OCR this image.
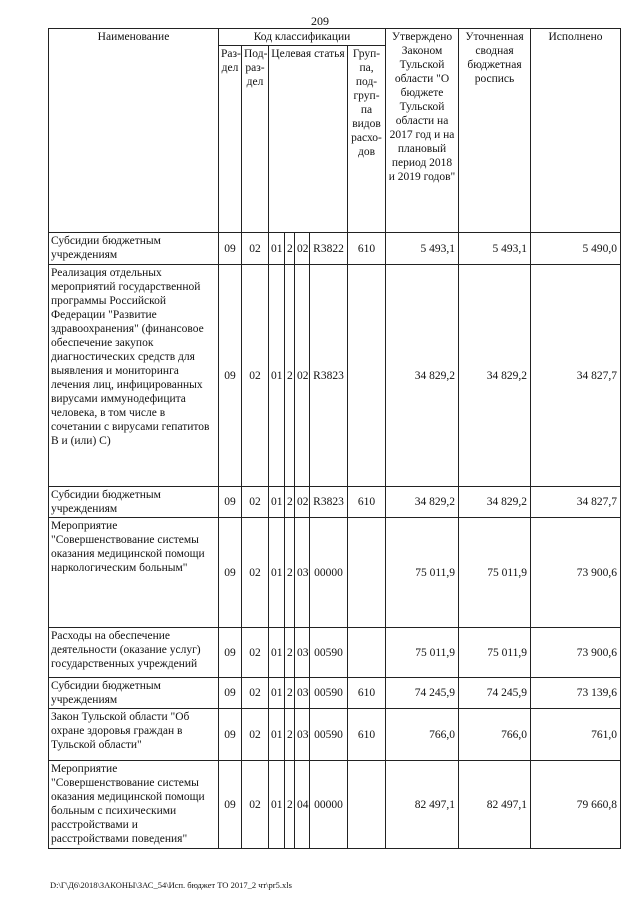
209
Наименование	Код классификации							Утверждено Законом Тульской области "О бюджете Тульской области на 2017 год и на плановый период 2018 и 2019 годов"	Уточненная сводная бюджетная роспись	Исполнено
	Раз-дел	Под-раз-дел	Целевая статья				Груп-па, под-груп-па видов расхо-дов			
Субсидии бюджетным учреждениям	09	02	01	2	02	R3822	610	5 493,1	5 493,1	5 490,0
Реализация отдельных мероприятий государственной программы Российской Федерации "Развитие здравоохранения" (финансовое обеспечение закупок диагностических средств для выявления и мониторинга лечения лиц, инфицированных вирусами иммунодефицита человека, в том числе в сочетании с вирусами гепатитов В и (или) С)	09	02	01	2	02	R3823		34 829,2	34 829,2	34 827,7
Субсидии бюджетным учреждениям	09	02	01	2	02	R3823	610	34 829,2	34 829,2	34 827,7
Мероприятие "Совершенствование системы оказания медицинской помощи наркологическим больным"	09	02	01	2	03	00000		75 011,9	75 011,9	73 900,6
Расходы на обеспечение деятельности (оказание услуг) государственных учреждений	09	02	01	2	03	00590		75 011,9	75 011,9	73 900,6
Субсидии бюджетным учреждениям	09	02	01	2	03	00590	610	74 245,9	74 245,9	73 139,6
Закон Тульской области "Об охране здоровья граждан в Тульской области"	09	02	01	2	03	00590	610	766,0	766,0	761,0
Мероприятие "Совершенствование системы оказания медицинской помощи больным с психическими расстройствами и расстройствами поведения"	09	02	01	2	04	00000		82 497,1	82 497,1	79 660,8
D:\Г\Д6\2018\ЗАКОНЫ\ЗАС_54\Исп. бюджет ТО 2017_2 чт\pr5.xls
